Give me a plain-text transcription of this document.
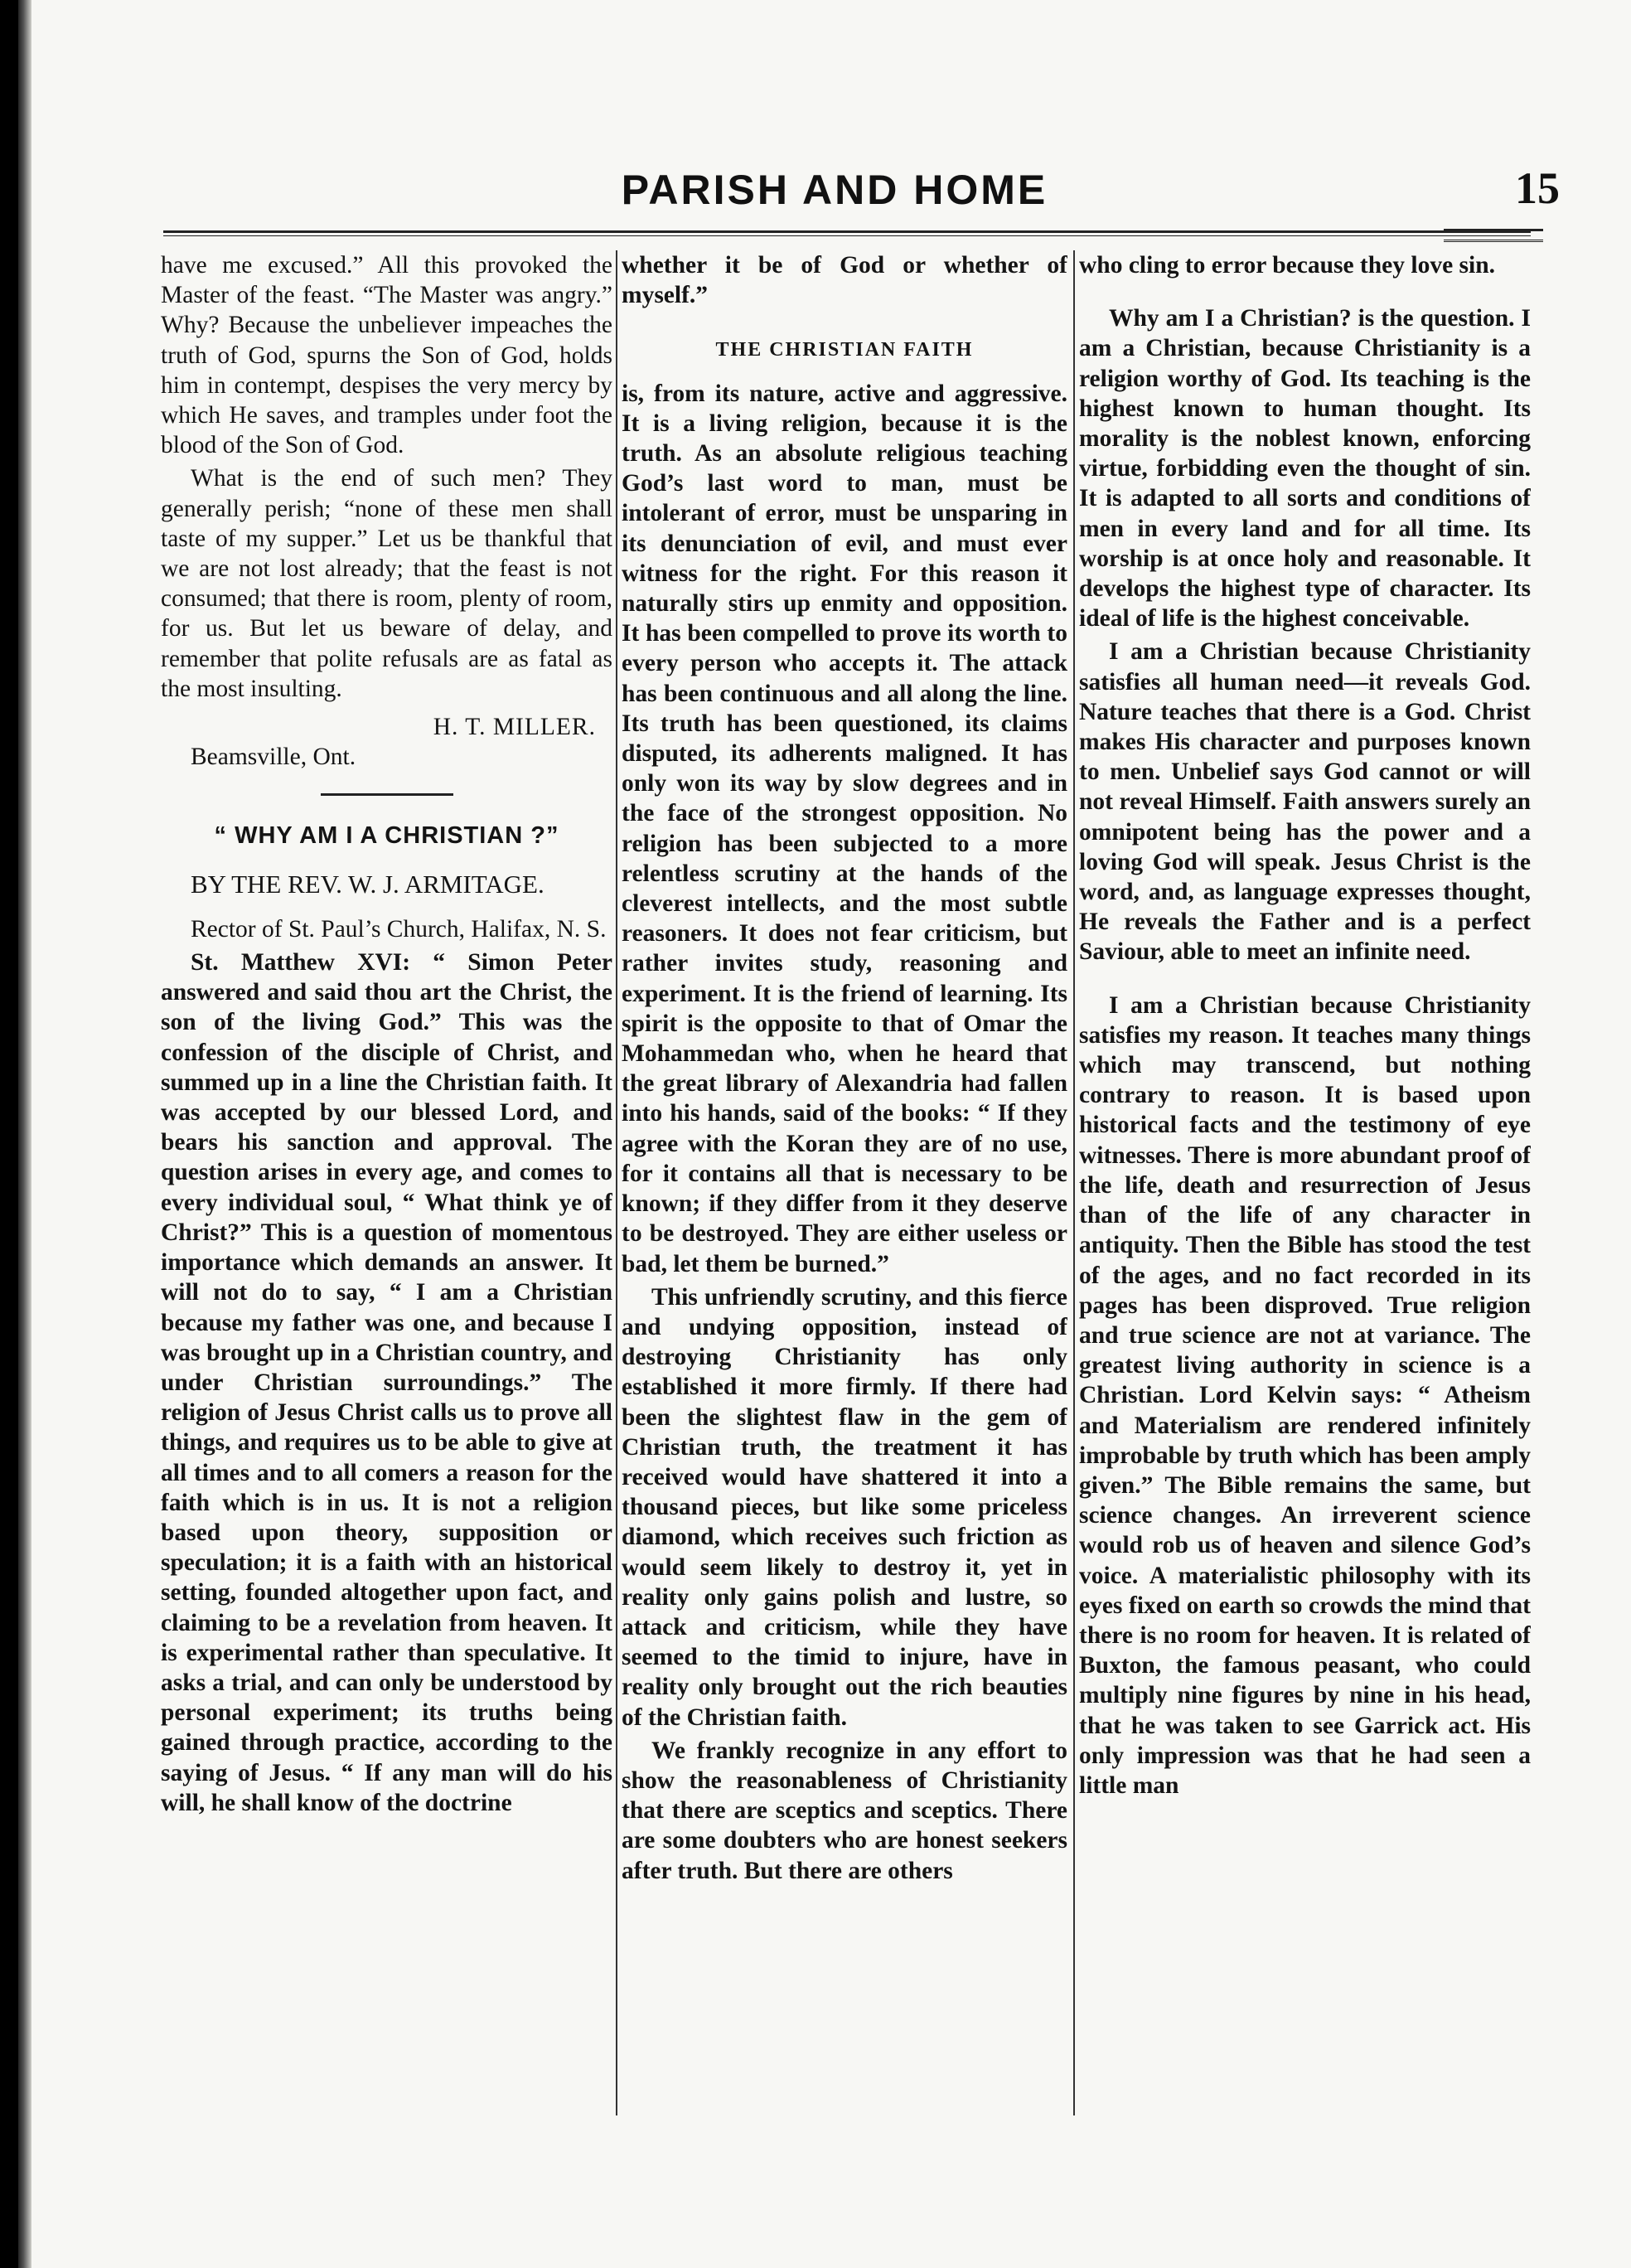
PARISH AND HOME	15

have me excused.” All this provoked the Master of the feast. “The Master was angry.” Why? Because the unbeliever impeaches the truth of God, spurns the Son of God, holds him in contempt, despises the very mercy by which He saves, and tramples under foot the blood of the Son of God.

What is the end of such men? They generally perish; “none of these men shall taste of my supper.” Let us be thankful that we are not lost already; that the feast is not consumed; that there is room, plenty of room, for us. But let us beware of delay, and remember that polite refusals are as fatal as the most insulting.

H. T. MILLER.
Beamsville, Ont.
“ WHY AM I A CHRISTIAN ?”
BY THE REV. W. J. ARMITAGE.

Rector of St. Paul’s Church, Halifax, N. S.

St. Matthew XVI: “ Simon Peter answered and said thou art the Christ, the son of the living God.” This was the confession of the disciple of Christ, and summed up in a line the Christian faith. It was accepted by our blessed Lord, and bears his sanction and approval. The question arises in every age, and comes to every individual soul, “ What think ye of Christ?” This is a question of momentous importance which demands an answer. It will not do to say, “ I am a Christian because my father was one, and because I was brought up in a Christian country, and under Christian surroundings.” The religion of Jesus Christ calls us to prove all things, and requires us to be able to give at all times and to all comers a reason for the faith which is in us. It is not a religion based upon theory, supposition or speculation; it is a faith with an historical setting, founded altogether upon fact, and claiming to be a revelation from heaven. It is experimental rather than speculative. It asks a trial, and can only be understood by personal experiment; its truths being gained through practice, according to the saying of Jesus. “ If any man will do his will, he shall know of the doctrine

whether it be of God or whether of myself.”

THE CHRISTIAN FAITH

is, from its nature, active and aggressive. It is a living religion, because it is the truth. As an absolute religious teaching God’s last word to man, must be intolerant of error, must be unsparing in its denunciation of evil, and must ever witness for the right. For this reason it naturally stirs up enmity and opposition. It has been compelled to prove its worth to every person who accepts it. The attack has been continuous and all along the line. Its truth has been questioned, its claims disputed, its adherents maligned. It has only won its way by slow degrees and in the face of the strongest opposition. No religion has been subjected to a more relentless scrutiny at the hands of the cleverest intellects, and the most subtle reasoners. It does not fear criticism, but rather invites study, reasoning and experiment. It is the friend of learning. Its spirit is the opposite to that of Omar the Mohammedan who, when he heard that the great library of Alexandria had fallen into his hands, said of the books: “ If they agree with the Koran they are of no use, for it contains all that is necessary to be known; if they differ from it they deserve to be destroyed. They are either useless or bad, let them be burned.”

This unfriendly scrutiny, and this fierce and undying opposition, instead of destroying Christianity has only established it more firmly. If there had been the slightest flaw in the gem of Christian truth, the treatment it has received would have shattered it into a thousand pieces, but like some priceless diamond, which receives such friction as would seem likely to destroy it, yet in reality only gains polish and lustre, so attack and criticism, while they have seemed to the timid to injure, have in reality only brought out the rich beauties of the Christian faith.

We frankly recognize in any effort to show the reasonableness of Christianity that there are sceptics and sceptics. There are some doubters who are honest seekers after truth. But there are others

who cling to error because they love sin.

Why am I a Christian? is the question. I am a Christian, because Christianity is a religion worthy of God. Its teaching is the highest known to human thought. Its morality is the noblest known, enforcing virtue, forbidding even the thought of sin. It is adapted to all sorts and conditions of men in every land and for all time. Its worship is at once holy and reasonable. It develops the highest type of character. Its ideal of life is the highest conceivable.

I am a Christian because Christianity satisfies all human need—it reveals God. Nature teaches that there is a God. Christ makes His character and purposes known to men. Unbelief says God cannot or will not reveal Himself. Faith answers surely an omnipotent being has the power and a loving God will speak. Jesus Christ is the word, and, as language expresses thought, He reveals the Father and is a perfect Saviour, able to meet an infinite need.

I am a Christian because Christianity satisfies my reason. It teaches many things which may transcend, but nothing contrary to reason. It is based upon historical facts and the testimony of eye witnesses. There is more abundant proof of the life, death and resurrection of Jesus than of the life of any character in antiquity. Then the Bible has stood the test of the ages, and no fact recorded in its pages has been disproved. True religion and true science are not at variance. The greatest living authority in science is a Christian. Lord Kelvin says: “ Atheism and Materialism are rendered infinitely improbable by truth which has been amply given.” The Bible remains the same, but science changes. An irreverent science would rob us of heaven and silence God’s voice. A materialistic philosophy with its eyes fixed on earth so crowds the mind that there is no room for heaven. It is related of Buxton, the famous peasant, who could multiply nine figures by nine in his head, that he was taken to see Garrick act. His only impression was that he had seen a little man
